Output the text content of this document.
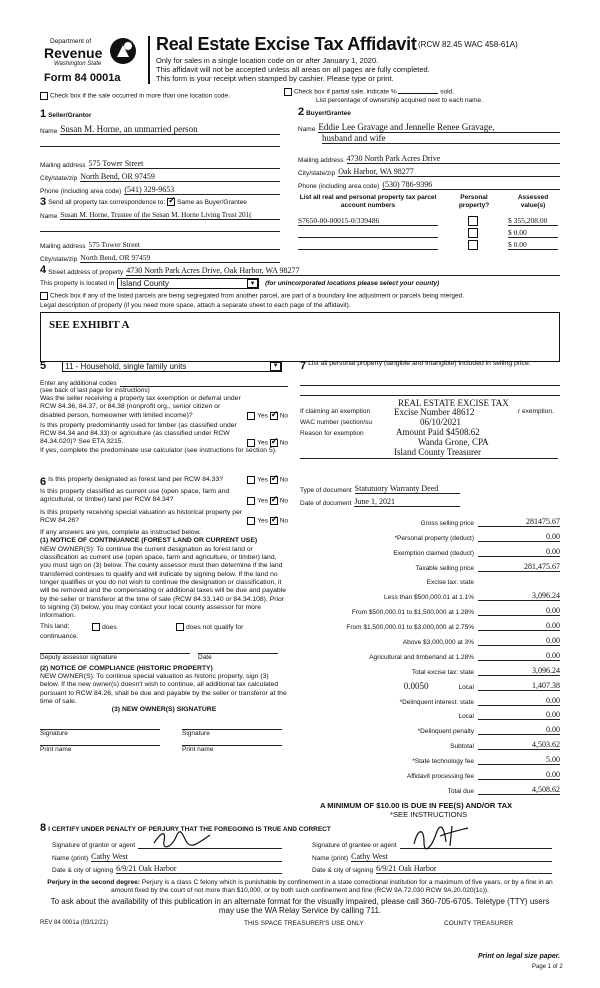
Department of
Revenue
Washington State
Form 84 0001a
Real Estate Excise Tax Affidavit (RCW 82.45 WAC 458-61A)
Only for sales in a single location code on or after January 1, 2020.
This affidavit will not be accepted unless all areas on all pages are fully completed.
This form is your receipt when stamped by cashier. Please type or print.
Check box if the sale occurred in more than one location code.
Check box if partial sale, indicate %	sold.
List percentage of ownership acquired next to each name.
1 Seller/Grantor
Name Susan M. Horne, an unmarried person
Mailing address 575 Tower Street
City/state/zip North Bend, OR 97459
Phone (including area code) (541) 329-9653
2 Buyer/Grantee
Name Eddie Lee Gravage and Jennelle Renee Gravage,
husband and wife
Mailing address 4730 North Park Acres Drive
City/state/zip Oak Harbor, WA 98277
Phone (including area code) (530) 786-9396
3
Send all property tax correspondence to: ✓ Same as Buyer/Grantee
Name Susan M. Horne, Trustee of the Susan M. Horne Living Trust 201(
Mailing address 575 Tower Street
City/state/zip North Bend, OR 97459
List all real and personal property tax parcel account numbers
Personal property?
Assessed value(s)
S7650-00-00015-0/339486	$ 355,208.00
$ 0.00
$ 0.00
4
Street address of property 4730 North Park Acres Drive, Oak Harbor, WA 98277
This property is located in Island County	▼	(for unincorporated locations please select your county)
Check box if any of the listed parcels are being segregated from another parcel, are part of a boundary line adjustment or parcels being merged.
Legal description of property (if you need more space, attach a separate sheet to each page of the affidavit).
SEE EXHIBIT A
5 11 - Household, single family units	▼
Enter any additional codes
(see back of last page for instructions)
Was the seller receiving a property tax exemption or deferral under RCW 84.36, 84.37, or 84.38 (nonprofit org., senior citizen or disabled person, homeowner with limited income)?	Yes ✓ No
Is this property predominantly used for timber (as classified under RCW 84.34 and 84.33) or agriculture (as classified under RCW 84.34.020)? See ETA 3215.	Yes ✓ No
If yes, complete the predominate use calculator (see instructions for section 5).
6
Is this property designated as forest land per RCW 84.33?	Yes ✓ No
Is this property classified as current use (open space, farm and agricultural, or timber) land per RCW 84.34?	Yes ✓ No
Is this property receiving special valuation as historical property per RCW 84.26?	Yes ✓ No
If any answers are yes, complete as instructed below.
(1) NOTICE OF CONTINUANCE (FOREST LAND OR CURRENT USE)
NEW OWNER(S): To continue the current designation as forest land or classification as current use (open space, farm and agriculture, or timber) land, you must sign on (3) below. The county assessor must then determine if the land transferred continues to qualify and will indicate by signing below. If the land no longer qualifies or you do not wish to continue the designation or classification, it will be removed and the compensating or additional taxes will be due and payable by the seller or transferor at the time of sale (RCW 84.33.140 or 84.34.108). Prior to signing (3) below, you may contact your local county assessor for more information.
This land:	does	does not qualify for
continuance.
Deputy assessor signature	Date
(2) NOTICE OF COMPLIANCE (HISTORIC PROPERTY)
NEW OWNER(S): To continue special valuation as historic property, sign (3) below. If the new owner(s) doesn't wish to continue, all additional tax calculated pursuant to RCW 84.26, shall be due and payable by the seller or transferor at the time of sale.
(3) NEW OWNER(S) SIGNATURE
Signature	Signature
Print name	Print name
7
List all personal property (tangible and intangible) included in selling price.
REAL ESTATE EXCISE TAX
If claiming an exemption	Excise Number 48612	r exemption.
WAC number (section/su	06/10/2021
Reason for exemption	Amount Paid $4508.62
Wanda Grone, CPA
Island County Treasurer
Type of document Statutuory Warranty Deed
Date of document June 1, 2021
Gross selling price	281475.67
*Personal property (deduct)	0.00
Exemption claimed (deduct)	0.00
Taxable selling price	281,475.67
Excise tax: state
Less than $500,000.01 at 1.1%	3,096.24
From $500,000.01 to $1,500,000 at 1.28%	0.00
From $1,500,000.01 to $3,000,000 at 2.75%	0.00
Above $3,000,000 at 3%	0.00
Agricultural and timberland at 1.28%	0.00
Total excise tax: state	3,096.24
0.0050	Local	1,407.38
*Delinquent interest: state	0.00
Local	0.00
*Delinquent penalty	0.00
Subtotal	4,503.62
*State technology fee	5.00
Affidavit processing fee	0.00
Total due	4,508.62
A MINIMUM OF $10.00 IS DUE IN FEE(S) AND/OR TAX
*SEE INSTRUCTIONS
8 I CERTIFY UNDER PENALTY OF PERJURY THAT THE FOREGOING IS TRUE AND CORRECT
Signature of grantor or agent
Name (print) Cathy West
Date & city of signing 6/9/21 Oak Harbor
Signature of grantee or agent
Name (print) Cathy West
Date & city of signing 6/9/21 Oak Harbor
Perjury in the second degree: Perjury is a class C felony which is punishable by confinement in a state correctional institution for a maximum of five years, or by a fine in an amount fixed by the court of not more than $10,000, or by both such confinement and fine (RCW 9A.72.030 RCW 9A.20.020(1c)).
To ask about the availability of this publication in an alternate format for the visually impaired, please call 360-705-6705. Teletype (TTY) users may use the WA Relay Service by calling 711.
REV 84 0001a (03/12/21)	THIS SPACE TREASURER'S USE ONLY	COUNTY TREASURER
Print on legal size paper.
Page 1 of 2
